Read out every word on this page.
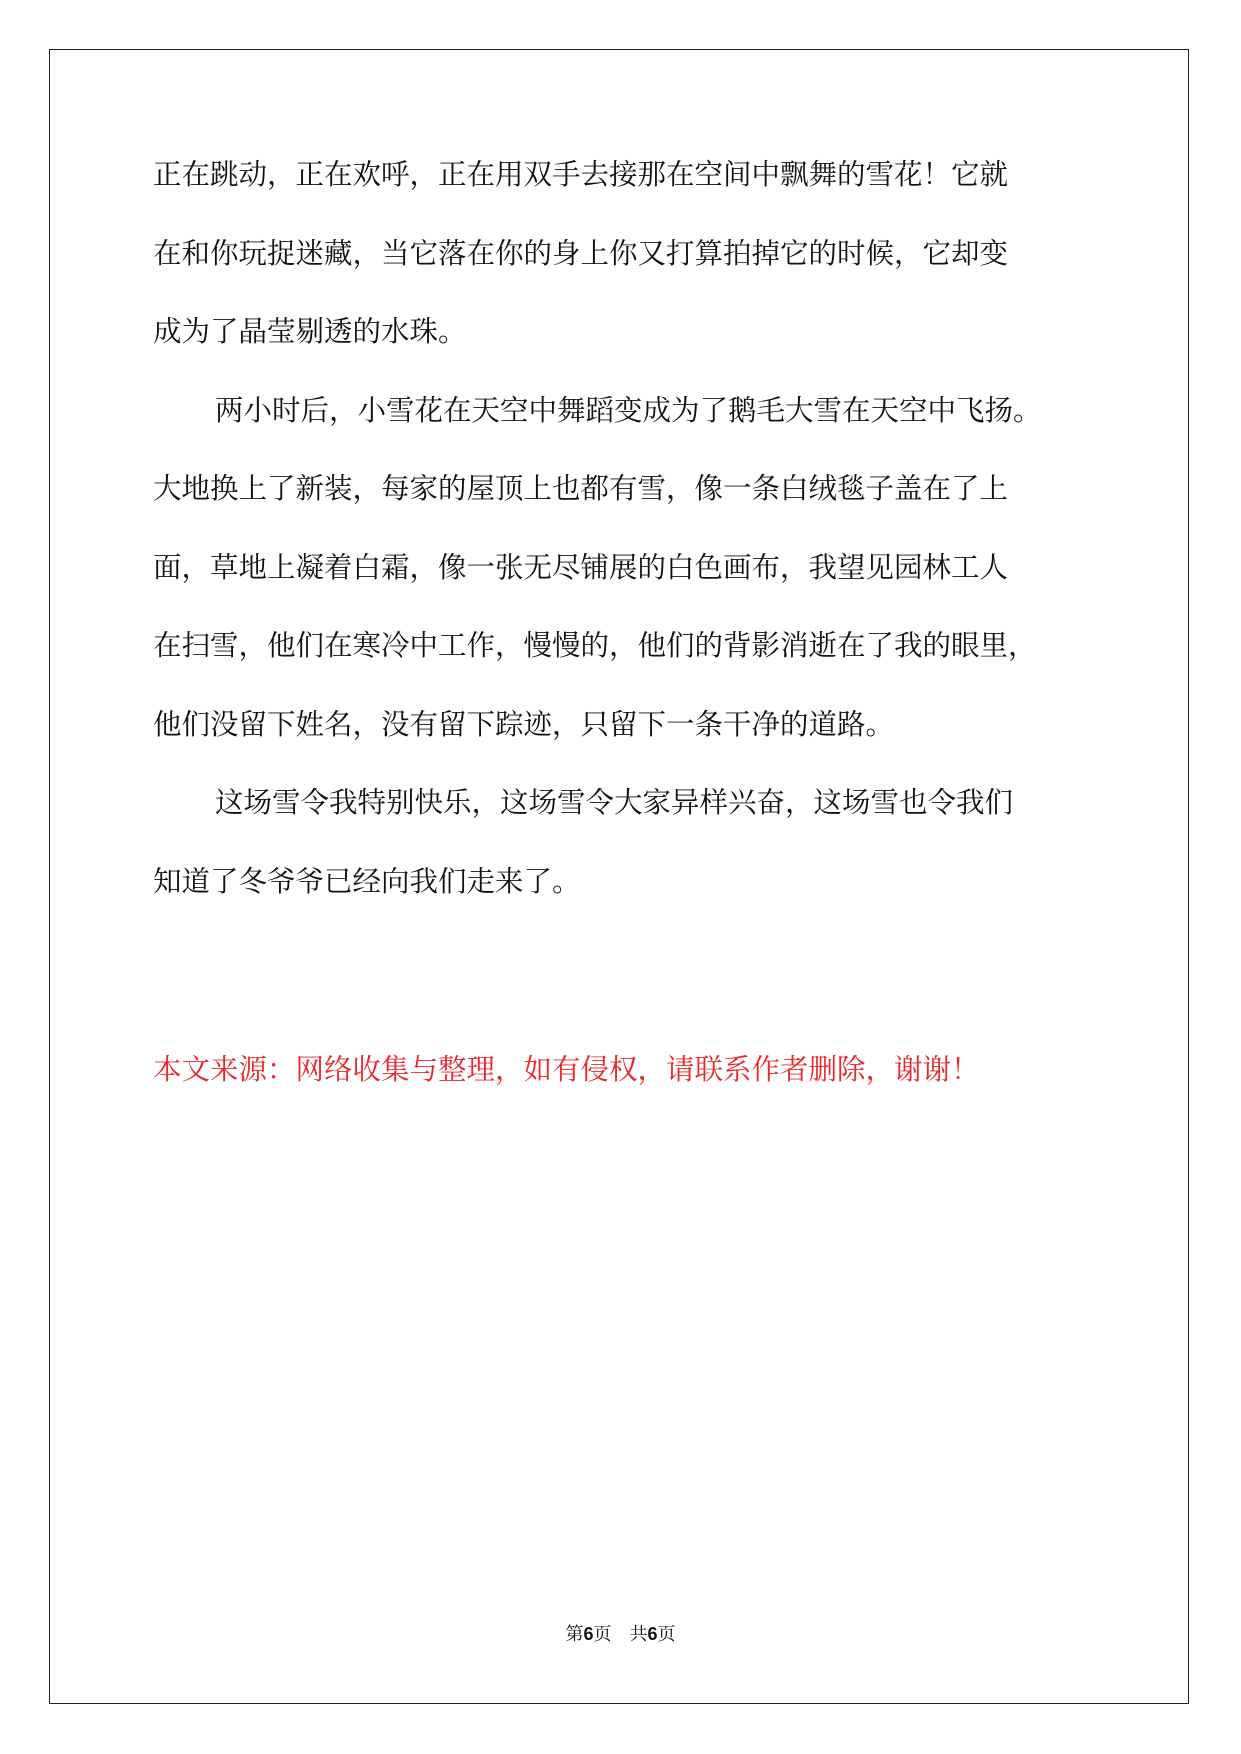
正在跳动，正在欢呼，正在用双手去接那在空间中飘舞的雪花！它就
在和你玩捉迷藏，当它落在你的身上你又打算拍掉它的时候，它却变
成为了晶莹剔透的水珠。
两小时后，小雪花在天空中舞蹈变成为了鹅毛大雪在天空中飞扬。
大地换上了新装，每家的屋顶上也都有雪，像一条白绒毯子盖在了上
面，草地上凝着白霜，像一张无尽铺展的白色画布，我望见园林工人
在扫雪，他们在寒冷中工作，慢慢的，他们的背影消逝在了我的眼里，
他们没留下姓名，没有留下踪迹，只留下一条干净的道路。
这场雪令我特别快乐，这场雪令大家异样兴奋，这场雪也令我们
知道了冬爷爷已经向我们走来了。
本文来源：网络收集与整理，如有侵权，请联系作者删除，谢谢！
第6页 共6页
